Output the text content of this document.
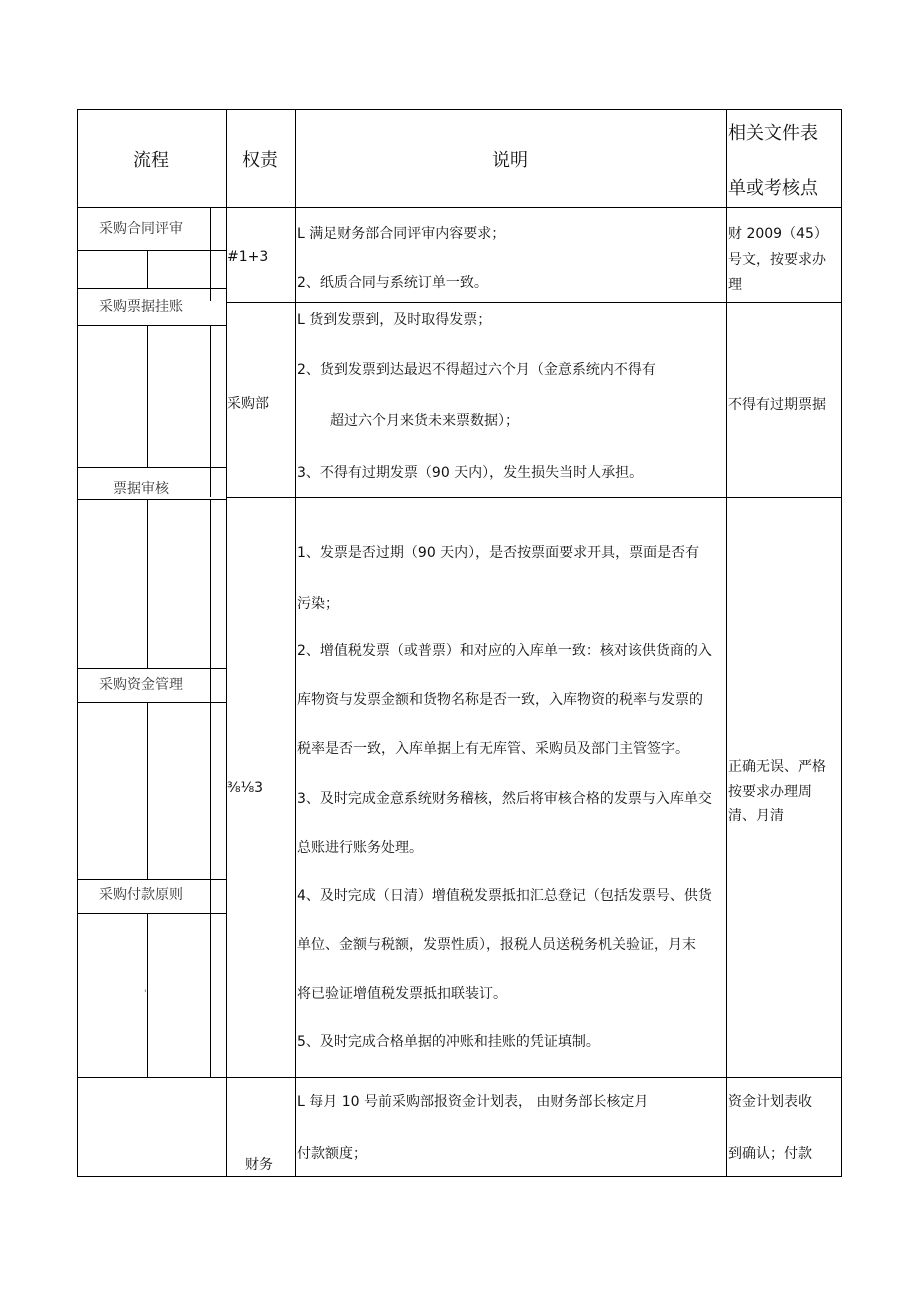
流程	权责	说明
相关文件表
单或考核点
采购合同评审
采购票据挂账
票据审核
采购资金管理
采购付款原则
'
#1+3
L 满足财务部合同评审内容要求；
2、纸质合同与系统订单一致。
财 2009（45）
号文，按要求办
理
采购部
L 货到发票到，及时取得发票；
2、货到发票到达最迟不得超过六个月（金意系统内不得有
超过六个月来货未来票数据）；
3、不得有过期发票（90 天内），发生损失当时人承担。
不得有过期票据
⅜⅛3
1、发票是否过期（90 天内），是否按票面要求开具，票面是否有
污染；
2、增值税发票（或普票）和对应的入库单一致：核对该供货商的入
库物资与发票金额和货物名称是否一致，入库物资的税率与发票的
税率是否一致，入库单据上有无库管、采购员及部门主管签字。
3、及时完成金意系统财务稽核，然后将审核合格的发票与入库单交
总账进行账务处理。
4、及时完成（日清）增值税发票抵扣汇总登记（包括发票号、供货
单位、金额与税额，发票性质），报税人员送税务机关验证，月末
将已验证增值税发票抵扣联装订。
5、及时完成合格单据的冲账和挂账的凭证填制。
正确无误、严格
按要求办理周
清、月清
财务
L 每月 10 号前采购部报资金计划表， 由财务部长核定月
付款额度；
资金计划表收
到确认；付款
